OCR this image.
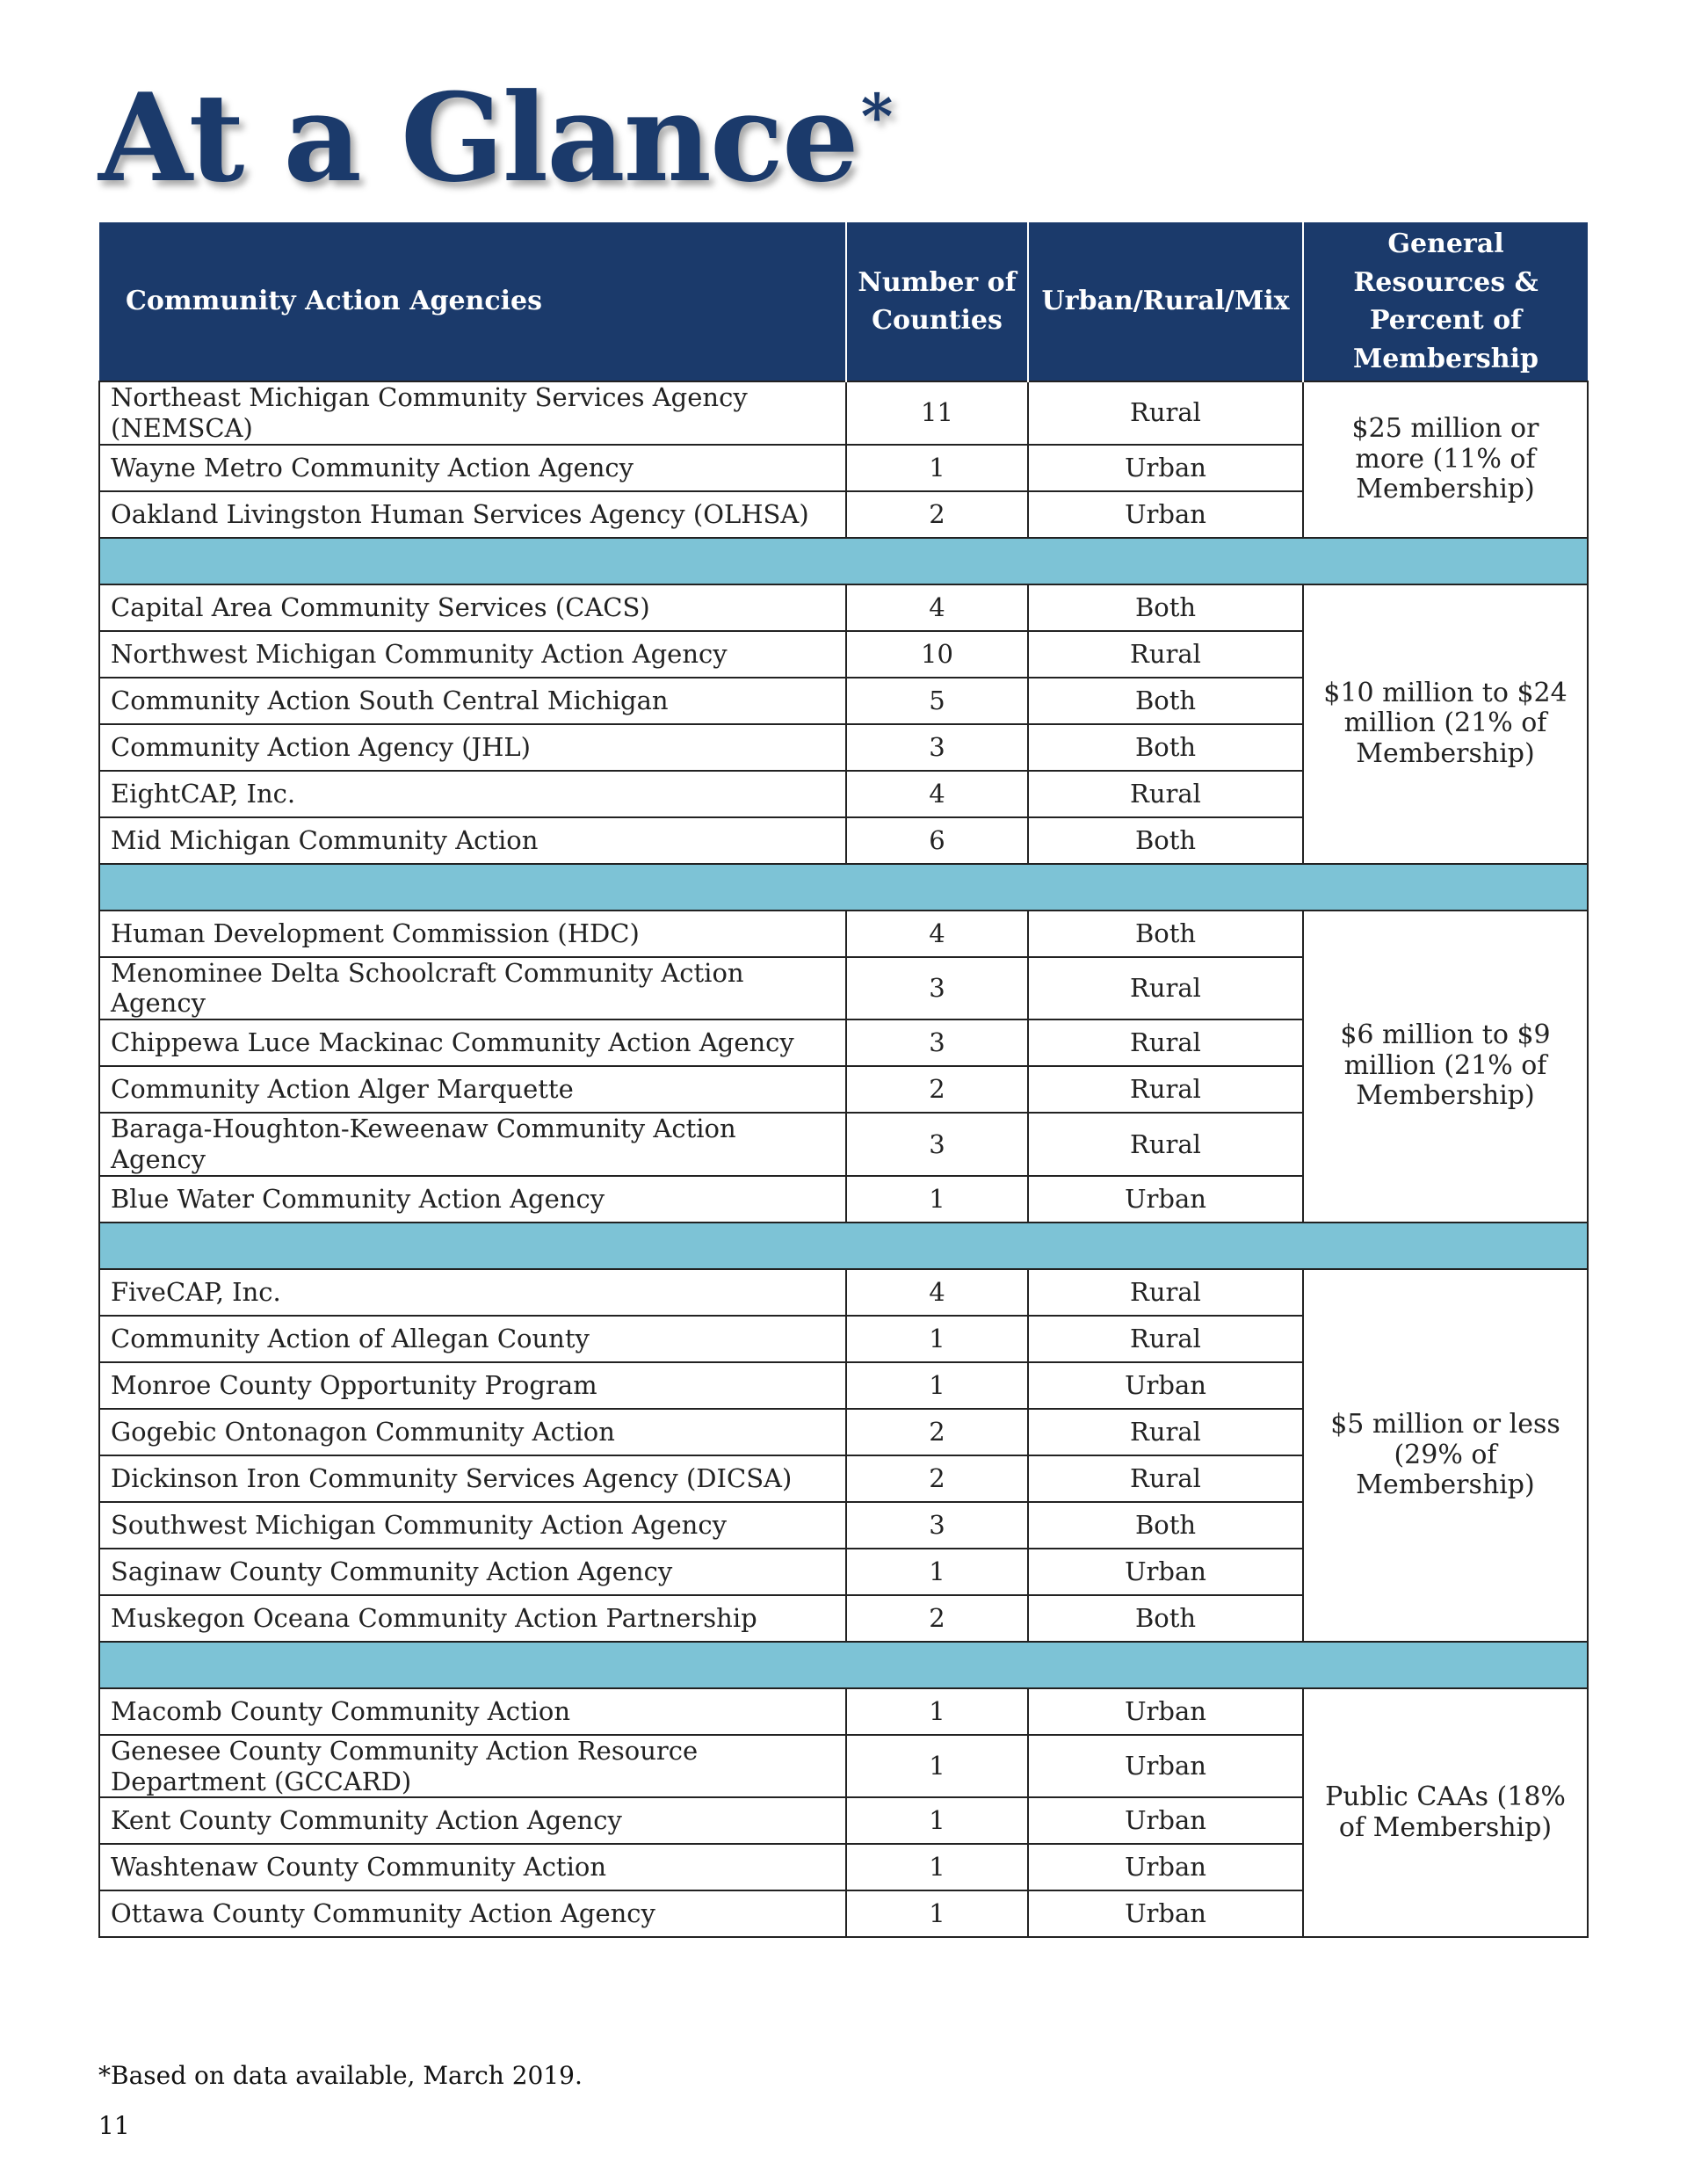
At a Glance*
Community Action Agencies	Number of Counties	Urban/Rural/Mix	General Resources & Percent of Membership
Northeast Michigan Community Services Agency (NEMSCA)	11	Rural	$25 million or more (11% of Membership)
Wayne Metro Community Action Agency	1	Urban	
Oakland Livingston Human Services Agency (OLHSA)	2	Urban	

Capital Area Community Services (CACS)	4	Both	$10 million to $24 million (21% of Membership)
Northwest Michigan Community Action Agency	10	Rural	
Community Action South Central Michigan	5	Both	
Community Action Agency (JHL)	3	Both	
EightCAP, Inc.	4	Rural	
Mid Michigan Community Action	6	Both	

Human Development Commission (HDC)	4	Both	$6 million to $9 million (21% of Membership)
Menominee Delta Schoolcraft Community Action Agency	3	Rural	
Chippewa Luce Mackinac Community Action Agency	3	Rural	
Community Action Alger Marquette	2	Rural	
Baraga-Houghton-Keweenaw Community Action Agency	3	Rural	
Blue Water Community Action Agency	1	Urban	

FiveCAP, Inc.	4	Rural	$5 million or less (29% of Membership)
Community Action of Allegan County	1	Rural	
Monroe County Opportunity Program	1	Urban	
Gogebic Ontonagon Community Action	2	Rural	
Dickinson Iron Community Services Agency (DICSA)	2	Rural	
Southwest Michigan Community Action Agency	3	Both	
Saginaw County Community Action Agency	1	Urban	
Muskegon Oceana Community Action Partnership	2	Both	

Macomb County Community Action	1	Urban	Public CAAs (18% of Membership)
Genesee County Community Action Resource Department (GCCARD)	1	Urban	
Kent County Community Action Agency	1	Urban	
Washtenaw County Community Action	1	Urban	
Ottawa County Community Action Agency	1	Urban	

*Based on data available, March 2019.

11
